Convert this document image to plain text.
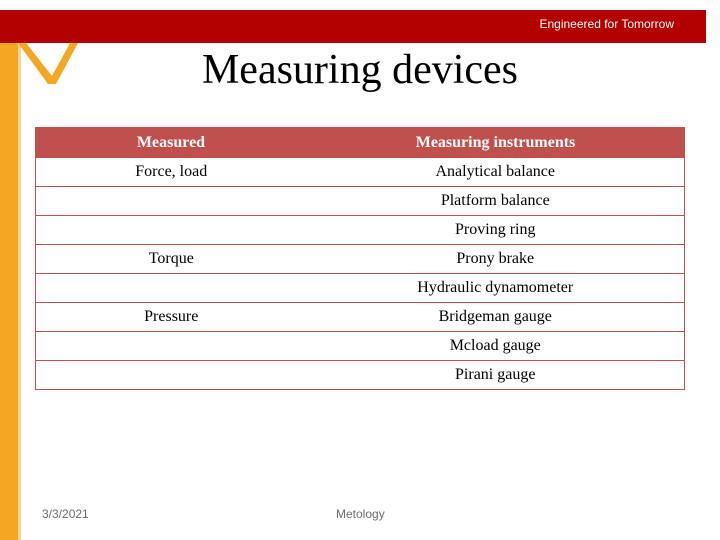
Engineered for Tomorrow
Measuring devices
Measured	Measuring instruments
Force, load	Analytical balance
	Platform balance
	Proving ring
Torque	Prony brake
	Hydraulic dynamometer
Pressure	Bridgeman gauge
	Mcload gauge
	Pirani gauge
3/3/2021	Metology
